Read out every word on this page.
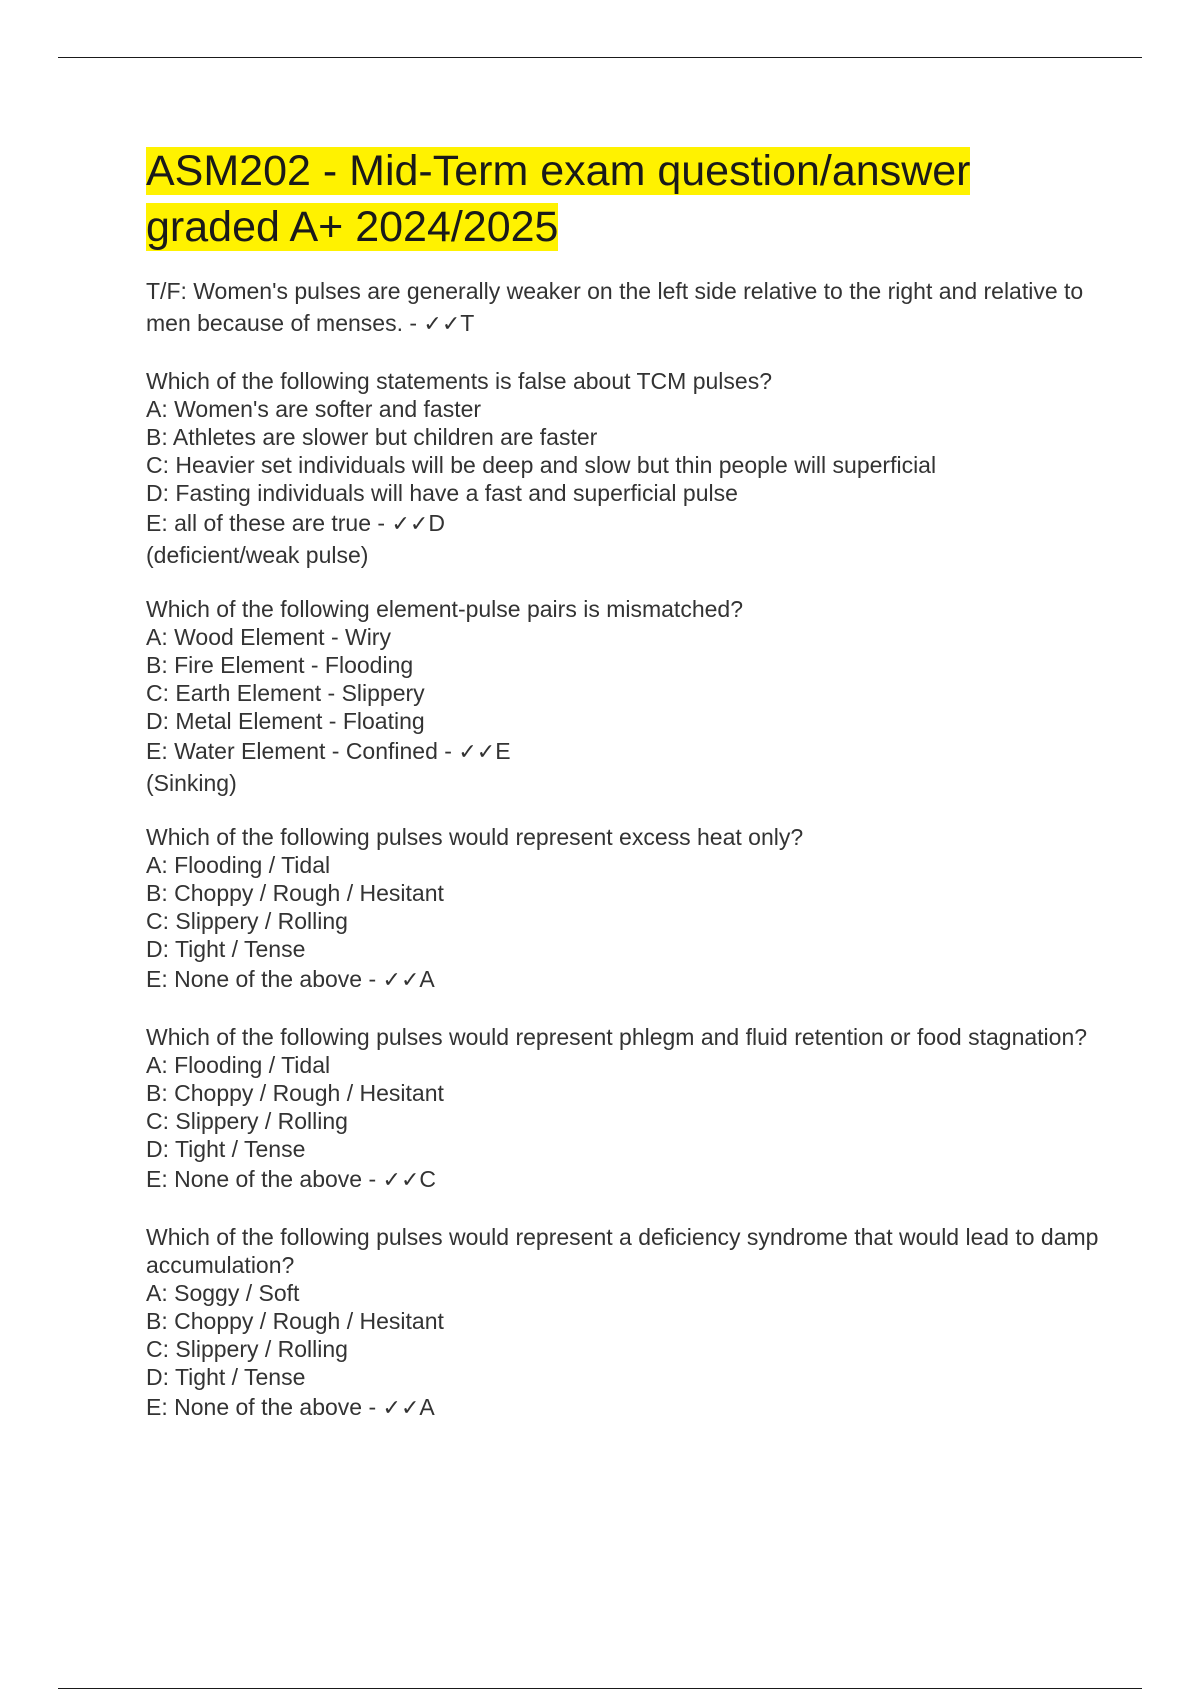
ASM202 - Mid-Term exam question/answer graded A+ 2024/2025
T/F: Women's pulses are generally weaker on the left side relative to the right and relative to men because of menses. - ✓✓T
Which of the following statements is false about TCM pulses?
A: Women's are softer and faster
B: Athletes are slower but children are faster
C: Heavier set individuals will be deep and slow but thin people will superficial
D: Fasting individuals will have a fast and superficial pulse
E: all of these are true - ✓✓D
(deficient/weak pulse)
Which of the following element-pulse pairs is mismatched?
A: Wood Element - Wiry
B: Fire Element - Flooding
C: Earth Element - Slippery
D: Metal Element - Floating
E: Water Element - Confined - ✓✓E
(Sinking)
Which of the following pulses would represent excess heat only?
A: Flooding / Tidal
B: Choppy / Rough / Hesitant
C: Slippery / Rolling
D: Tight / Tense
E: None of the above - ✓✓A
Which of the following pulses would represent phlegm and fluid retention or food stagnation?
A: Flooding / Tidal
B: Choppy / Rough / Hesitant
C: Slippery / Rolling
D: Tight / Tense
E: None of the above - ✓✓C
Which of the following pulses would represent a deficiency syndrome that would lead to damp accumulation?
A: Soggy / Soft
B: Choppy / Rough / Hesitant
C: Slippery / Rolling
D: Tight / Tense
E: None of the above - ✓✓A
